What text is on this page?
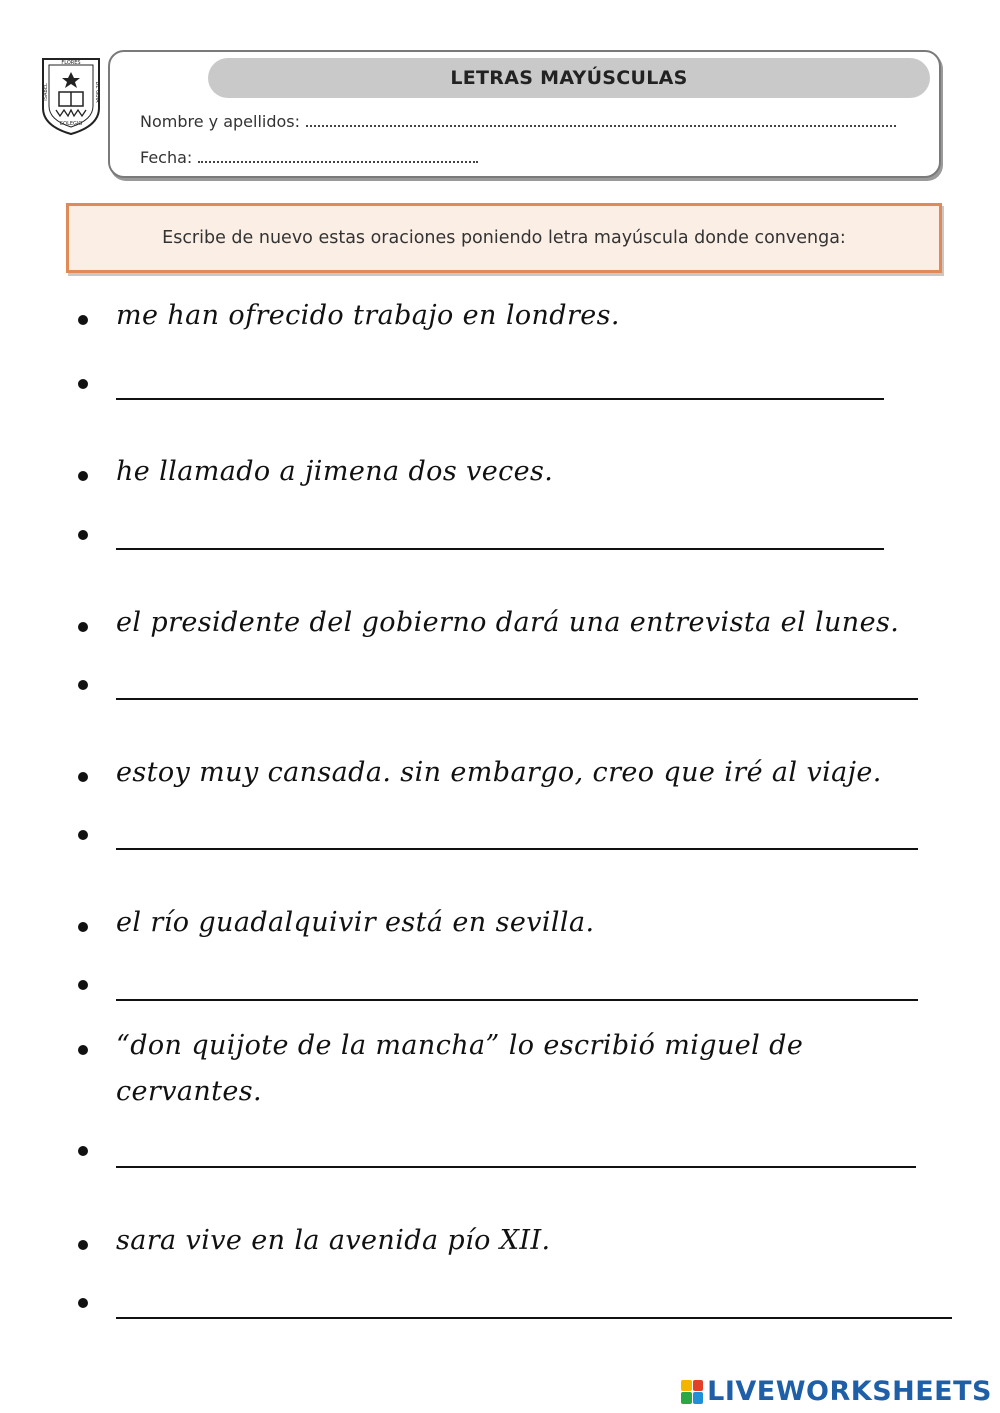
FLORES
ISABEL	DE GUIA
COLEGIO
LETRAS MAYÚSCULAS
Nombre y apellidos:
Fecha:
Escribe de nuevo estas oraciones poniendo letra mayúscula donde convenga:
me han ofrecido trabajo en londres.
he llamado a jimena dos veces.
el presidente del gobierno dará una entrevista el lunes.
estoy muy cansada. sin embargo, creo que iré al viaje.
el río guadalquivir está en sevilla.
“don quijote de la mancha” lo escribió miguel de
cervantes.
sara vive en la avenida pío XII.
LIVEWORKSHEETS
